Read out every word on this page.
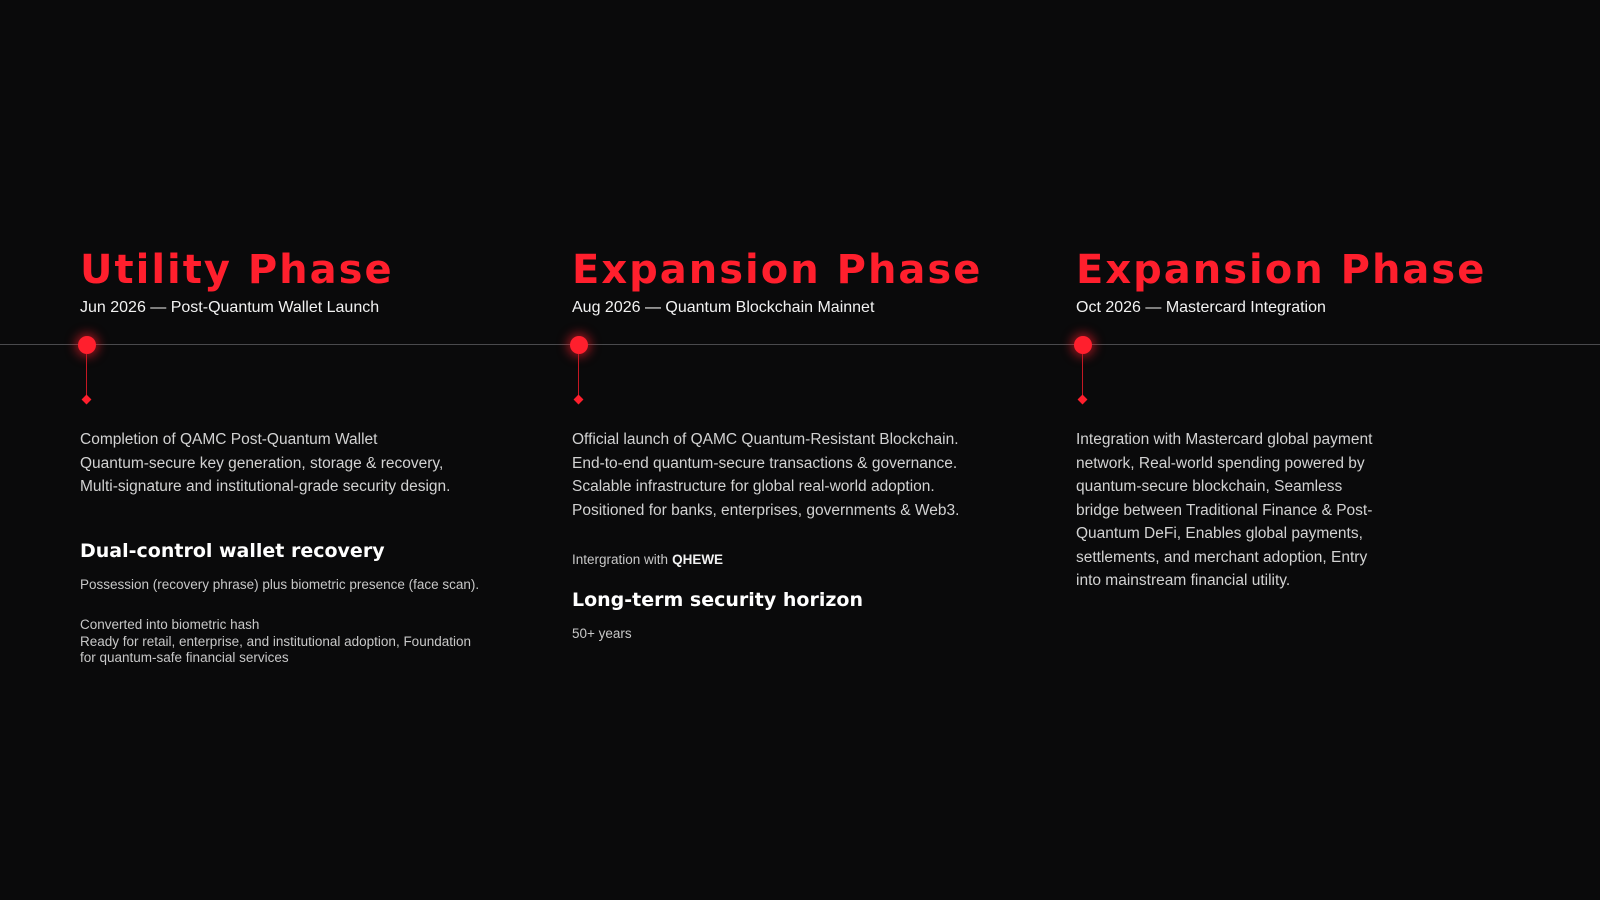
Utility Phase
Jun 2026 — Post-Quantum Wallet Launch
Completion of QAMC Post-Quantum Wallet
Quantum-secure key generation, storage & recovery,
Multi-signature and institutional-grade security design.
Dual-control wallet recovery
Possession (recovery phrase) plus biometric presence (face scan).
Converted into biometric hash
Ready for retail, enterprise, and institutional adoption, Foundation
for quantum-safe financial services
Expansion Phase
Aug 2026 — Quantum Blockchain Mainnet
Official launch of QAMC Quantum-Resistant Blockchain.
End-to-end quantum-secure transactions & governance.
Scalable infrastructure for global real-world adoption.
Positioned for banks, enterprises, governments & Web3.
Intergration with QHEWE
Long-term security horizon
50+ years
Expansion Phase
Oct 2026 — Mastercard Integration
Integration with Mastercard global payment
network, Real-world spending powered by
quantum-secure blockchain, Seamless
bridge between Traditional Finance & Post-
Quantum DeFi, Enables global payments,
settlements, and merchant adoption, Entry
into mainstream financial utility.
